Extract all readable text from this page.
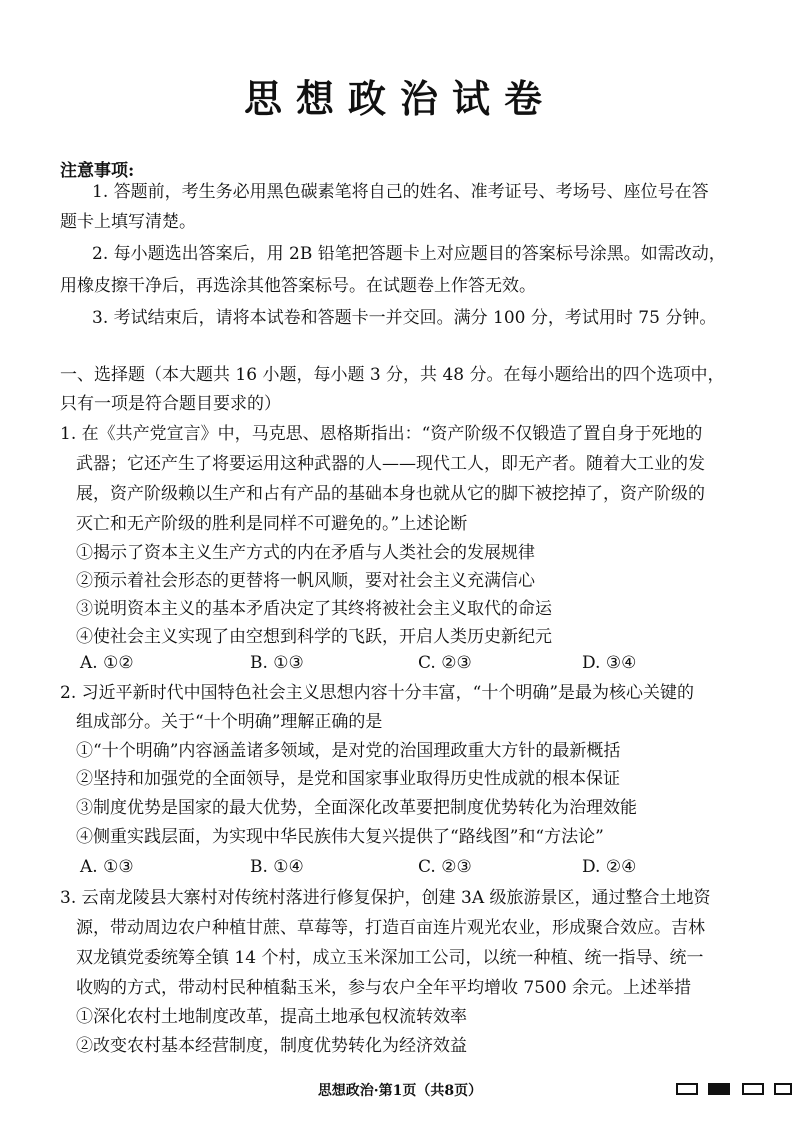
思想政治试卷
注意事项:
1. 答题前，考生务必用黑色碳素笔将自己的姓名、准考证号、考场号、座位号在答
题卡上填写清楚。
2. 每小题选出答案后，用 2B 铅笔把答题卡上对应题目的答案标号涂黑。如需改动，
用橡皮擦干净后，再选涂其他答案标号。在试题卷上作答无效。
3. 考试结束后，请将本试卷和答题卡一并交回。满分 100 分，考试用时 75 分钟。
一、选择题（本大题共 16 小题，每小题 3 分，共 48 分。在每小题给出的四个选项中，
只有一项是符合题目要求的）
1. 在《共产党宣言》中，马克思、恩格斯指出：“资产阶级不仅锻造了置自身于死地的
武器；它还产生了将要运用这种武器的人——现代工人，即无产者。随着大工业的发
展，资产阶级赖以生产和占有产品的基础本身也就从它的脚下被挖掉了，资产阶级的
灭亡和无产阶级的胜利是同样不可避免的。”上述论断
①揭示了资本主义生产方式的内在矛盾与人类社会的发展规律
②预示着社会形态的更替将一帆风顺，要对社会主义充满信心
③说明资本主义的基本矛盾决定了其终将被社会主义取代的命运
④使社会主义实现了由空想到科学的飞跃，开启人类历史新纪元
A. ①②	B. ①③	C. ②③	D. ③④
2. 习近平新时代中国特色社会主义思想内容十分丰富，“十个明确”是最为核心关键的
组成部分。关于“十个明确”理解正确的是
①“十个明确”内容涵盖诸多领域，是对党的治国理政重大方针的最新概括
②坚持和加强党的全面领导，是党和国家事业取得历史性成就的根本保证
③制度优势是国家的最大优势，全面深化改革要把制度优势转化为治理效能
④侧重实践层面，为实现中华民族伟大复兴提供了“路线图”和“方法论”
A. ①③	B. ①④	C. ②③	D. ②④
3. 云南龙陵县大寨村对传统村落进行修复保护，创建 3A 级旅游景区，通过整合土地资
源，带动周边农户种植甘蔗、草莓等，打造百亩连片观光农业，形成聚合效应。吉林
双龙镇党委统筹全镇 14 个村，成立玉米深加工公司，以统一种植、统一指导、统一
收购的方式，带动村民种植黏玉米，参与农户全年平均增收 7500 余元。上述举措
①深化农村土地制度改革，提高土地承包权流转效率
②改变农村基本经营制度，制度优势转化为经济效益
思想政治·第1页（共8页）
